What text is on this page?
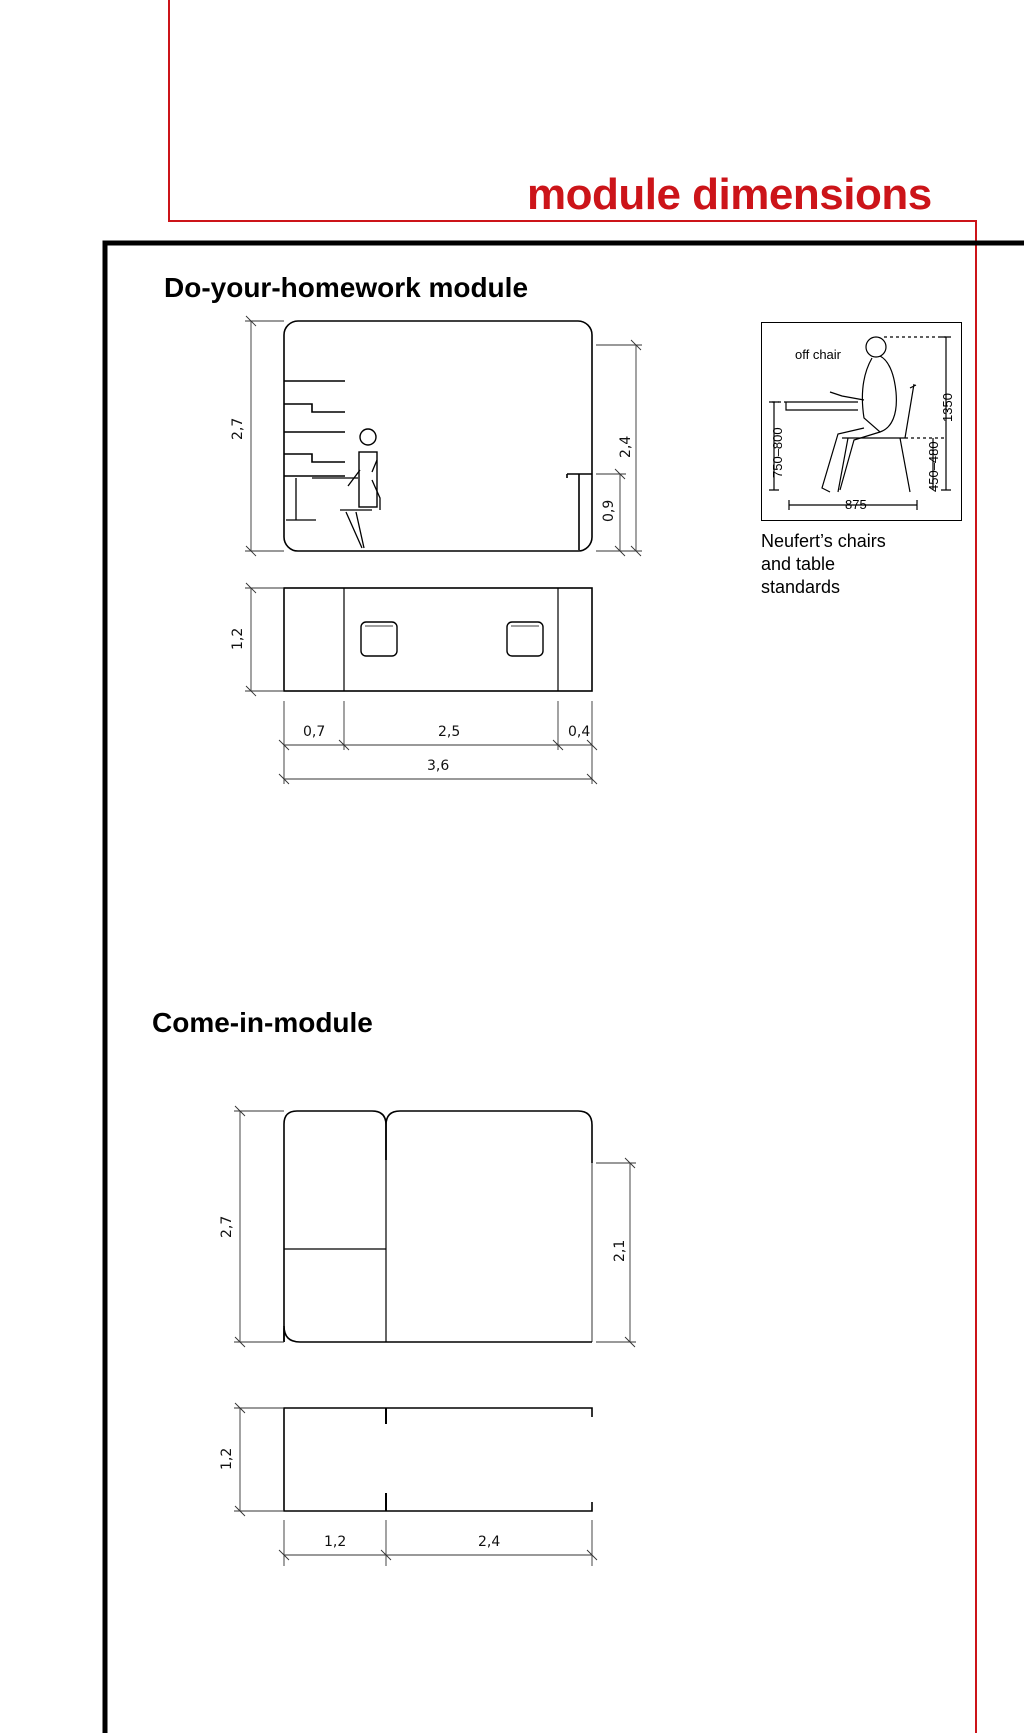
2,7
2,4
0,9
1,2
0,7	2,5	0,4
3,6
off chair
750–800	450–480
1350
875
2,7
2,1
1,2
1,2	2,4
module dimensions
Do-your-homework module
Neufert’s chairs
and table
standards
Come-in-module
